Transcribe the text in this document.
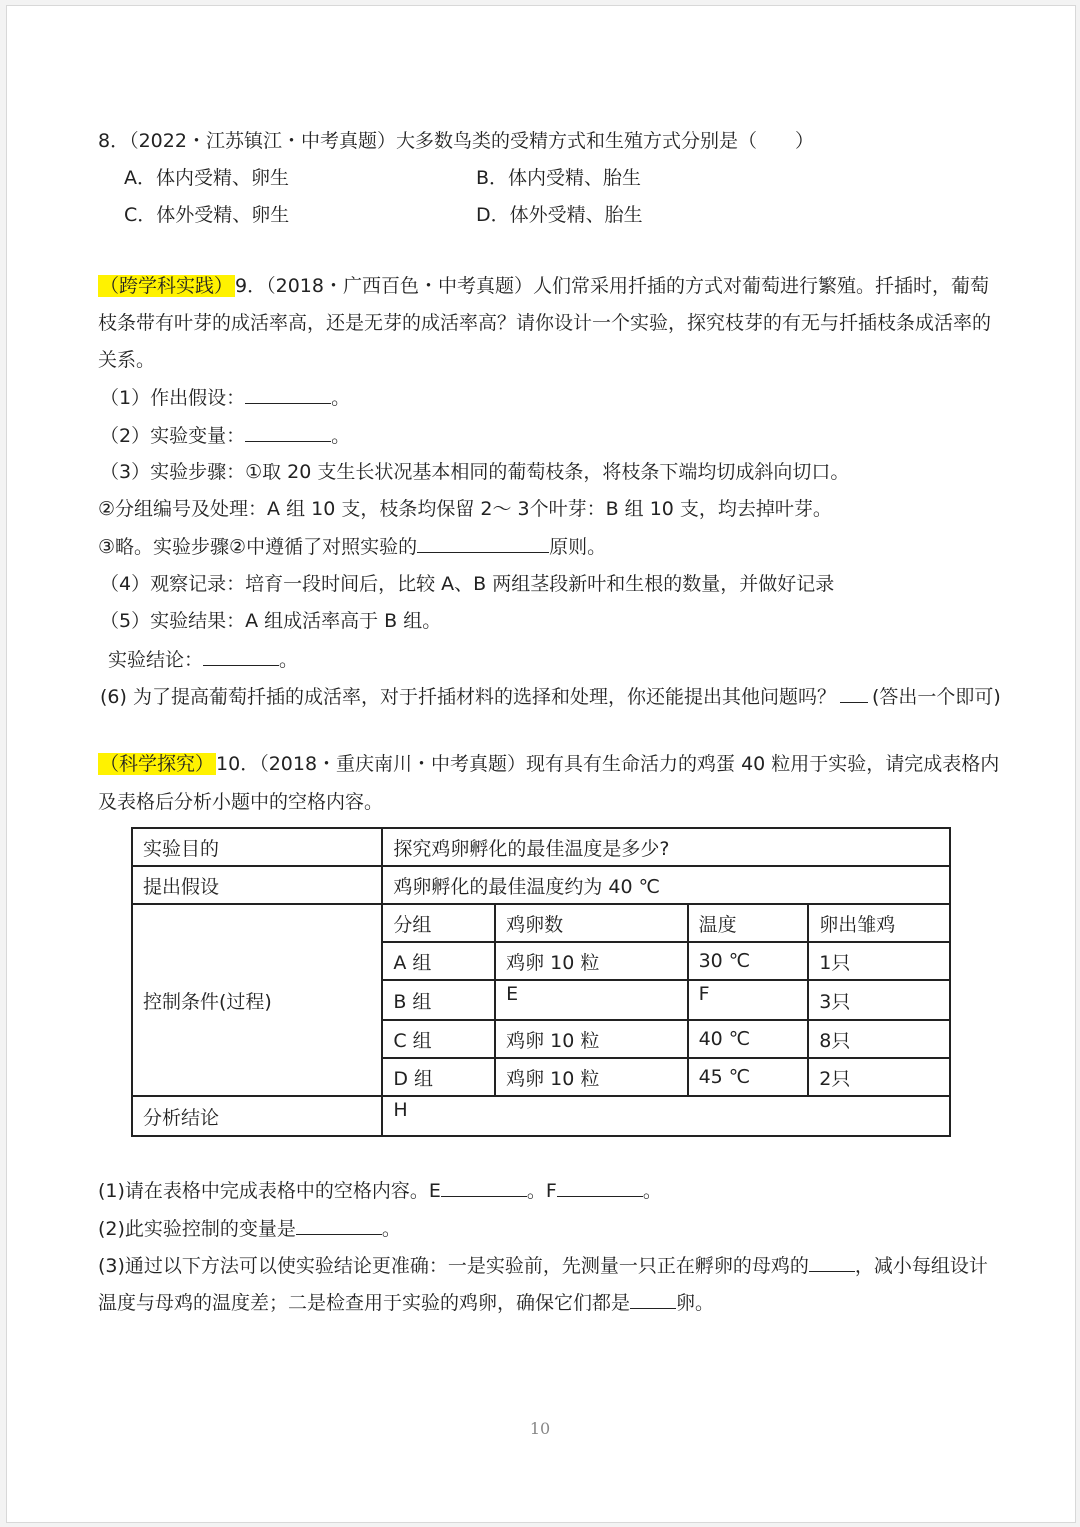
8．（2022・江苏镇江・中考真题）大多数鸟类的受精方式和生殖方式分别是（　　）
A．体内受精、卵生	B．体内受精、胎生
C．体外受精、卵生	D．体外受精、胎生
（跨学科实践） 9．（2018・广西百色・中考真题）人们常采用扦插的方式对葡萄进行繁殖。扦插时，葡萄
枝条带有叶芽的成活率高，还是无芽的成活率高？请你设计一个实验，探究枝芽的有无与扦插枝条成活率的
关系。
（1）作出假设：	。
（2）实验变量：	。
（3）实验步骤：①取 20 支生长状况基本相同的葡萄枝条，将枝条下端均切成斜向切口。
②分组编号及处理：A 组 10 支，枝条均保留 2～ 3个叶芽：B 组 10 支，均去掉叶芽。
③略。实验步骤②中遵循了对照实验的	原则。
（4）观察记录：培育一段时间后，比较 A、B 两组茎段新叶和生根的数量，并做好记录
（5）实验结果：A 组成活率高于 B 组。
实验结论：	。
(6) 为了提高葡萄扦插的成活率，对于扦插材料的选择和处理，你还能提出其他问题吗？ (答出一个即可)
（科学探究） 10．（2018・重庆南川・中考真题）现有具有生命活力的鸡蛋 40 粒用于实验，请完成表格内
及表格后分析小题中的空格内容。
实验目的	探究鸡卵孵化的最佳温度是多少?			
提出假设	鸡卵孵化的最佳温度约为 40 ℃			
控制条件(过程)	分组	鸡卵数	温度	卵出雏鸡
	A 组	鸡卵 10 粒	30 ℃	1只
	B 组	E	F	3只
	C 组	鸡卵 10 粒	40 ℃	8只
	D 组	鸡卵 10 粒	45 ℃	2只
分析结论	H			
(1)请在表格中完成表格中的空格内容。E	。F	。
(2)此实验控制的变量是	。
(3)通过以下方法可以使实验结论更准确：一是实验前，先测量一只正在孵卵的母鸡的 ，减小每组设计
温度与母鸡的温度差；二是检查用于实验的鸡卵，确保它们都是 卵。
10
